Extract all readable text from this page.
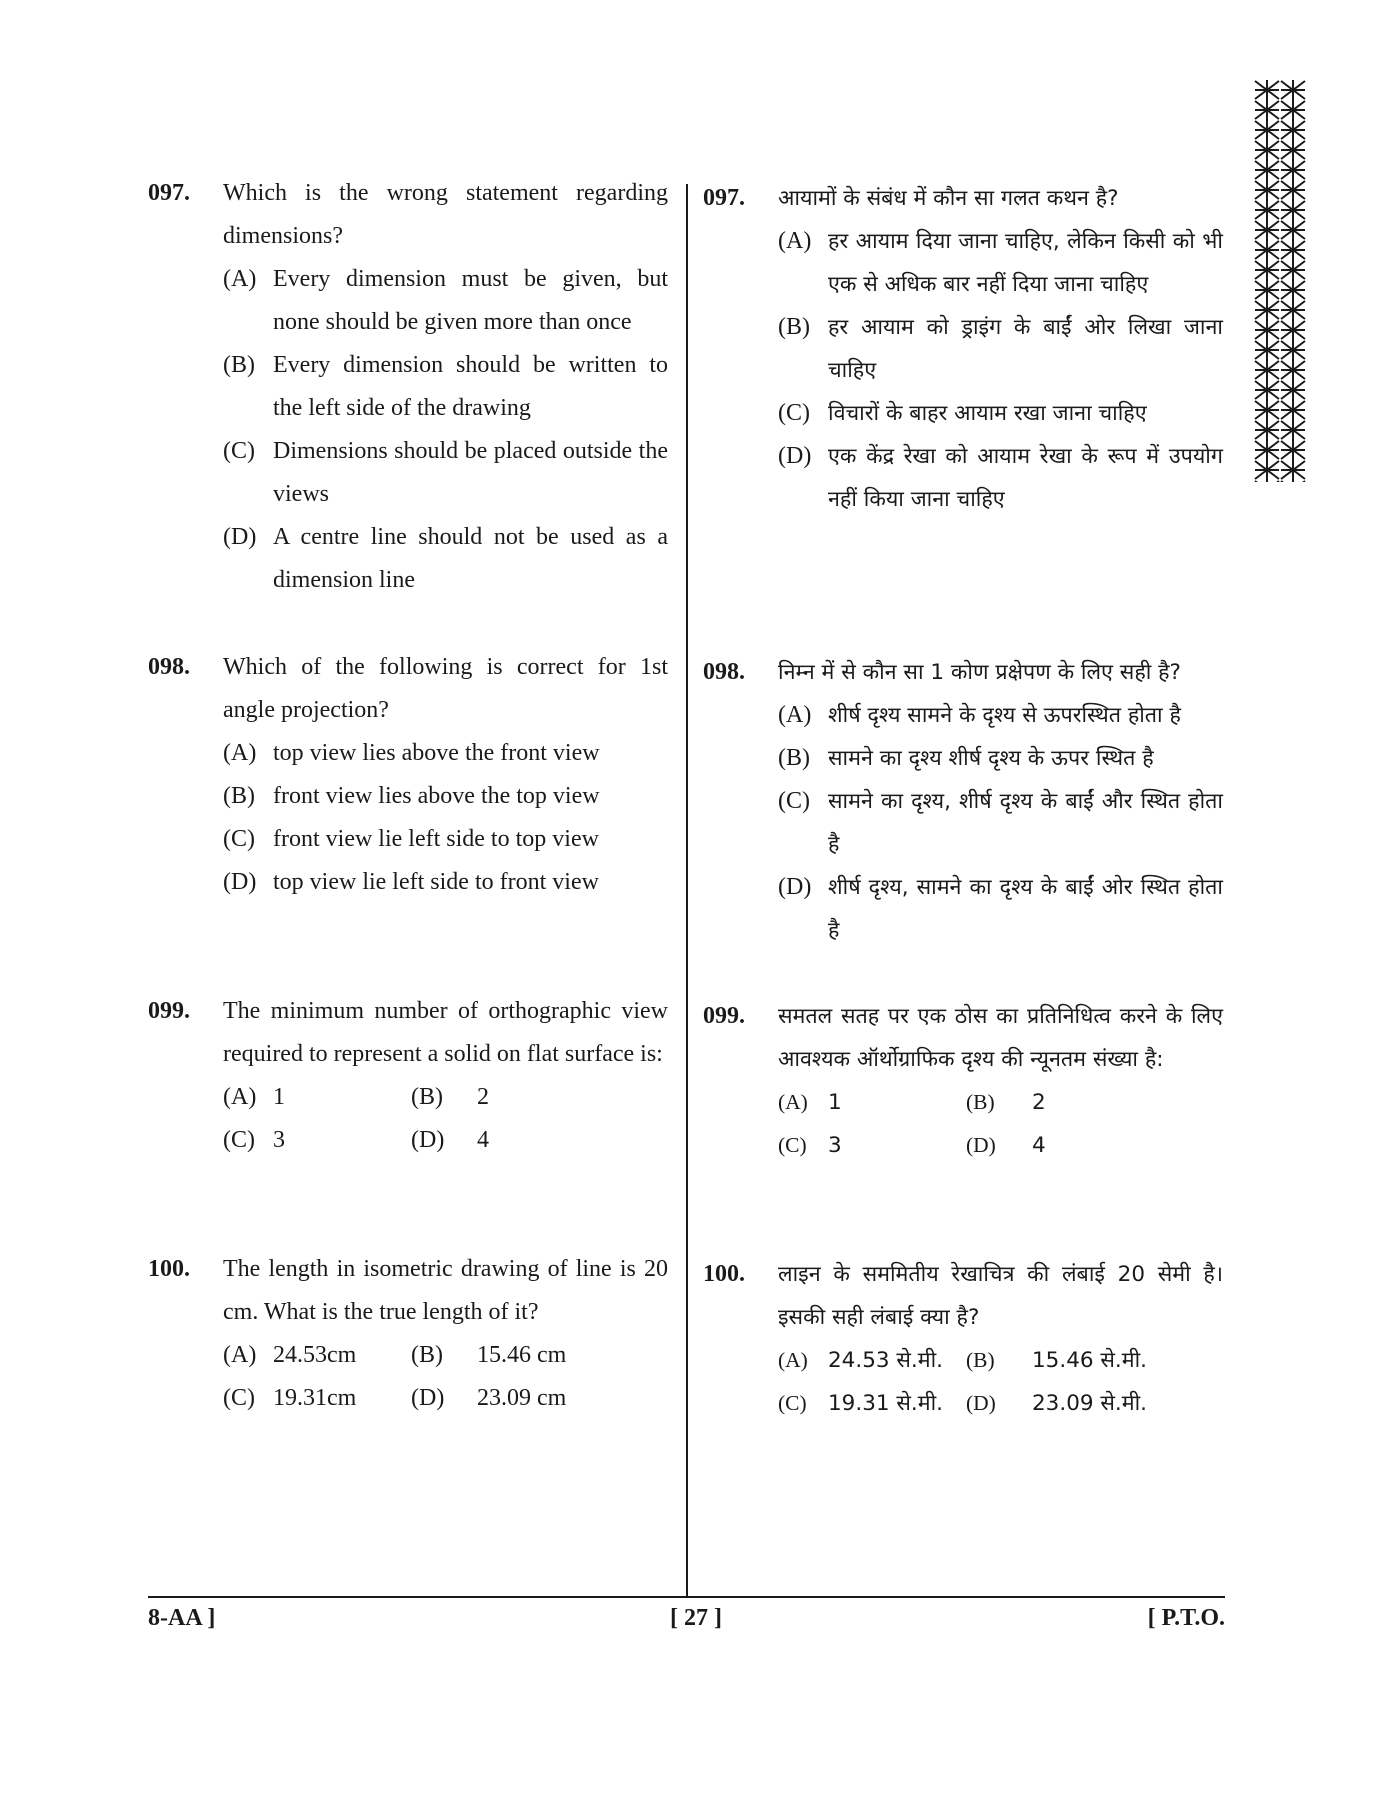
097. Which is the wrong statement regarding dimensions?
(A) Every dimension must be given, but none should be given more than once
(B) Every dimension should be written to the left side of the drawing
(C) Dimensions should be placed outside the views
(D) A centre line should not be used as a dimension line
098. Which of the following is correct for 1st angle projection?
(A) top view lies above the front view
(B) front view lies above the top view
(C) front view lie left side to top view
(D) top view lie left side to front view
099. The minimum number of orthographic view required to represent a solid on flat surface is:
(A) 1	(B)	2
(C) 3	(D)	4
100. The length in isometric drawing of line is 20 cm. What is the true length of it?
(A) 24.53cm (B)	15.46 cm
(C) 19.31cm (D)	23.09 cm
097. आयामों के संबंध में कौन सा गलत कथन है?
(A) हर आयाम दिया जाना चाहिए, लेकिन किसी को भी एक से अधिक बार नहीं दिया जाना चाहिए
(B) हर आयाम को ड्राइंग के बाईं ओर लिखा जाना चाहिए
(C) विचारों के बाहर आयाम रखा जाना चाहिए
(D) एक केंद्र रेखा को आयाम रेखा के रूप में उपयोग नहीं किया जाना चाहिए
098. निम्न में से कौन सा 1 कोण प्रक्षेपण के लिए सही है?
(A) शीर्ष दृश्य सामने के दृश्य से ऊपरस्थित होता है
(B) सामने का दृश्य शीर्ष दृश्य के ऊपर स्थित है
(C) सामने का दृश्य, शीर्ष दृश्य के बाईं और स्थित होता है
(D) शीर्ष दृश्य, सामने का दृश्य के बाईं ओर स्थित होता है
099. समतल सतह पर एक ठोस का प्रतिनिधित्व करने के लिए आवश्यक ऑर्थोग्राफिक दृश्य की न्यूनतम संख्या है:
(A) 1	(B)	2
(C) 3	(D)	4
100. लाइन के सममितीय रेखाचित्र की लंबाई 20 सेमी है। इसकी सही लंबाई क्या है?
(A) 24.53 से.मी. (B)	15.46 से.मी.
(C) 19.31 से.मी. (D)	23.09 से.मी.
8-AA ]	[ 27 ]	[ P.T.O.
